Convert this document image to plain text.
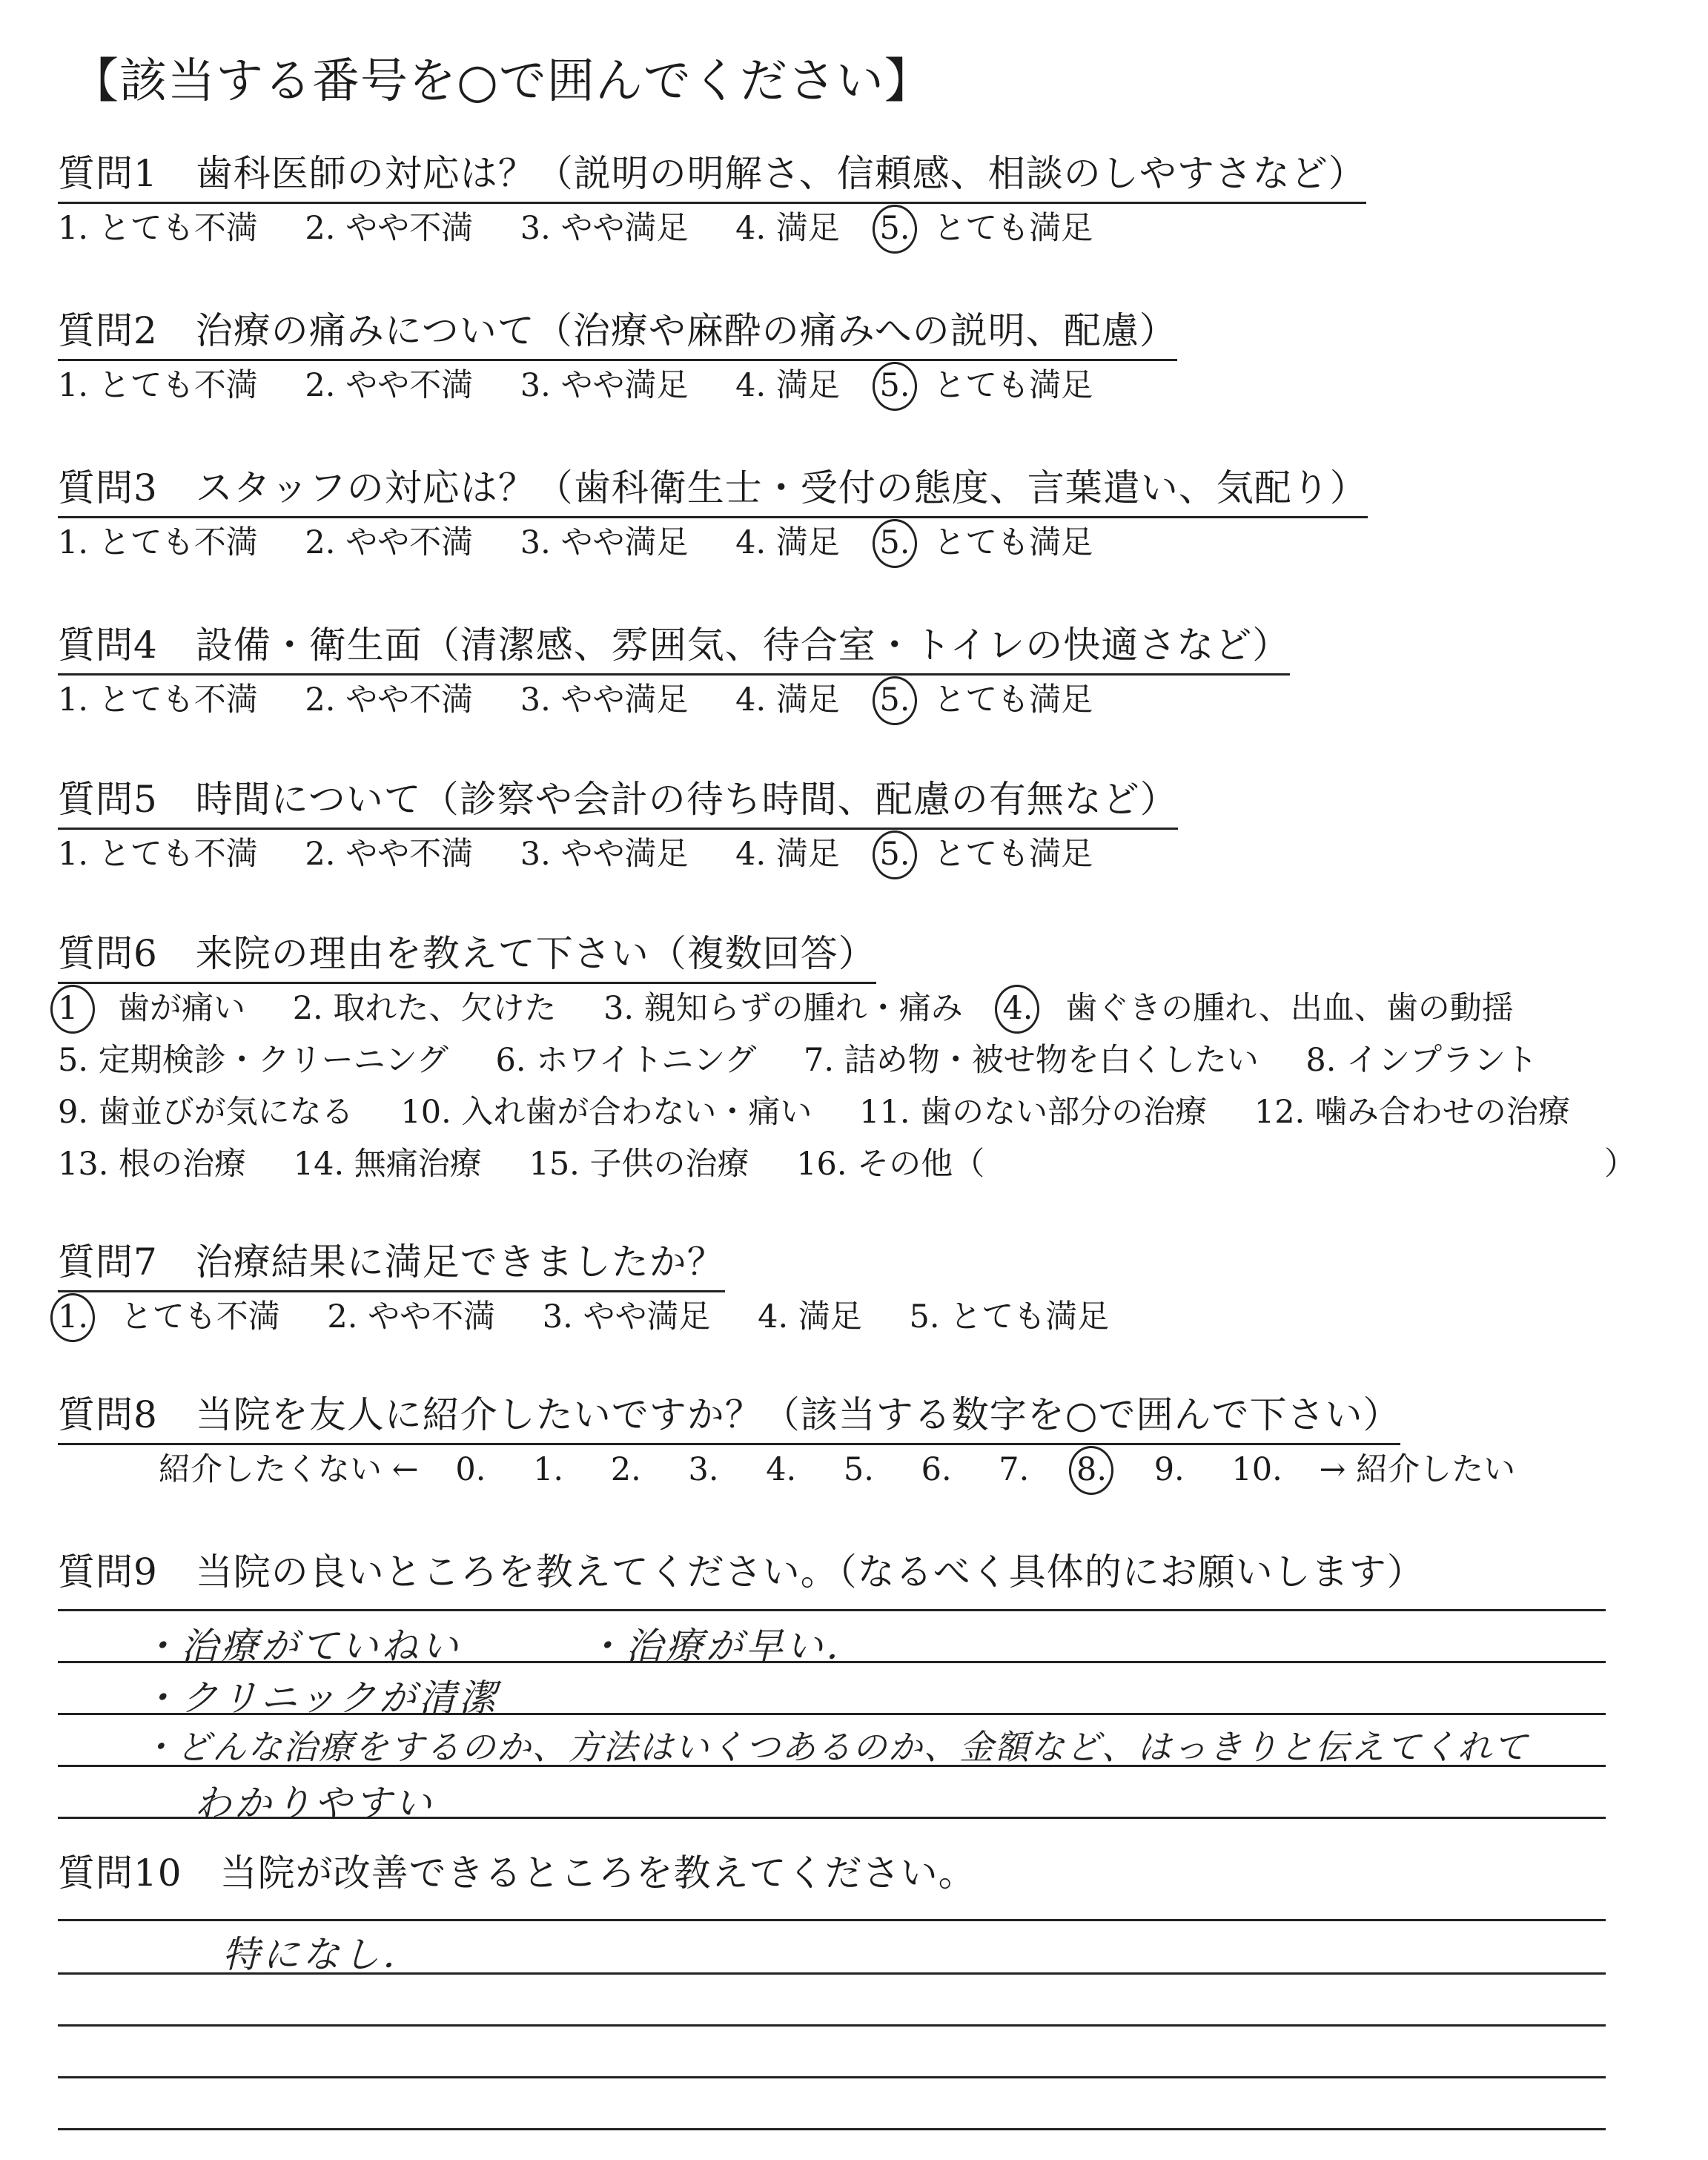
【該当する番号を○で囲んでください】
質問1　歯科医師の対応は？（説明の明解さ、信頼感、相談のしやすさなど）
1. とても不満 2. やや不満 3. やや満足 4. 満足 5. とても満足
質問2　治療の痛みについて（治療や麻酔の痛みへの説明、配慮）
1. とても不満 2. やや不満 3. やや満足 4. 満足 5. とても満足
質問3　スタッフの対応は？（歯科衛生士・受付の態度、言葉遣い、気配り）
1. とても不満 2. やや不満 3. やや満足 4. 満足 5. とても満足
質問4　設備・衛生面（清潔感、雰囲気、待合室・トイレの快適さなど）
1. とても不満 2. やや不満 3. やや満足 4. 満足 5. とても満足
質問5　時間について（診察や会計の待ち時間、配慮の有無など）
1. とても不満 2. やや不満 3. やや満足 4. 満足 5. とても満足
質問6　来院の理由を教えて下さい（複数回答）
1 歯が痛い 2. 取れた、欠けた 3. 親知らずの腫れ・痛み 4. 歯ぐきの腫れ、出血、歯の動揺
5. 定期検診・クリーニング 6. ホワイトニング 7. 詰め物・被せ物を白くしたい 8. インプラント
9. 歯並びが気になる 10. 入れ歯が合わない・痛い 11. 歯のない部分の治療 12. 噛み合わせの治療
13. 根の治療 14. 無痛治療 15. 子供の治療 16. その他（	）
質問7　治療結果に満足できましたか？
1. とても不満 2. やや不満 3. やや満足 4. 満足 5. とても満足
質問8　当院を友人に紹介したいですか？（該当する数字を○で囲んで下さい）
紹介したくない ← 0. 1. 2. 3. 4. 5. 6. 7. 8. 9. 10. → 紹介したい
質問9　当院の良いところを教えてください。（なるべく具体的にお願いします）
・治療がていねい	・治療が早い．
・クリニックが清潔
・どんな治療をするのか、方法はいくつあるのか、金額など、はっきりと伝えてくれて
わかりやすい
質問10　当院が改善できるところを教えてください。
特になし．
